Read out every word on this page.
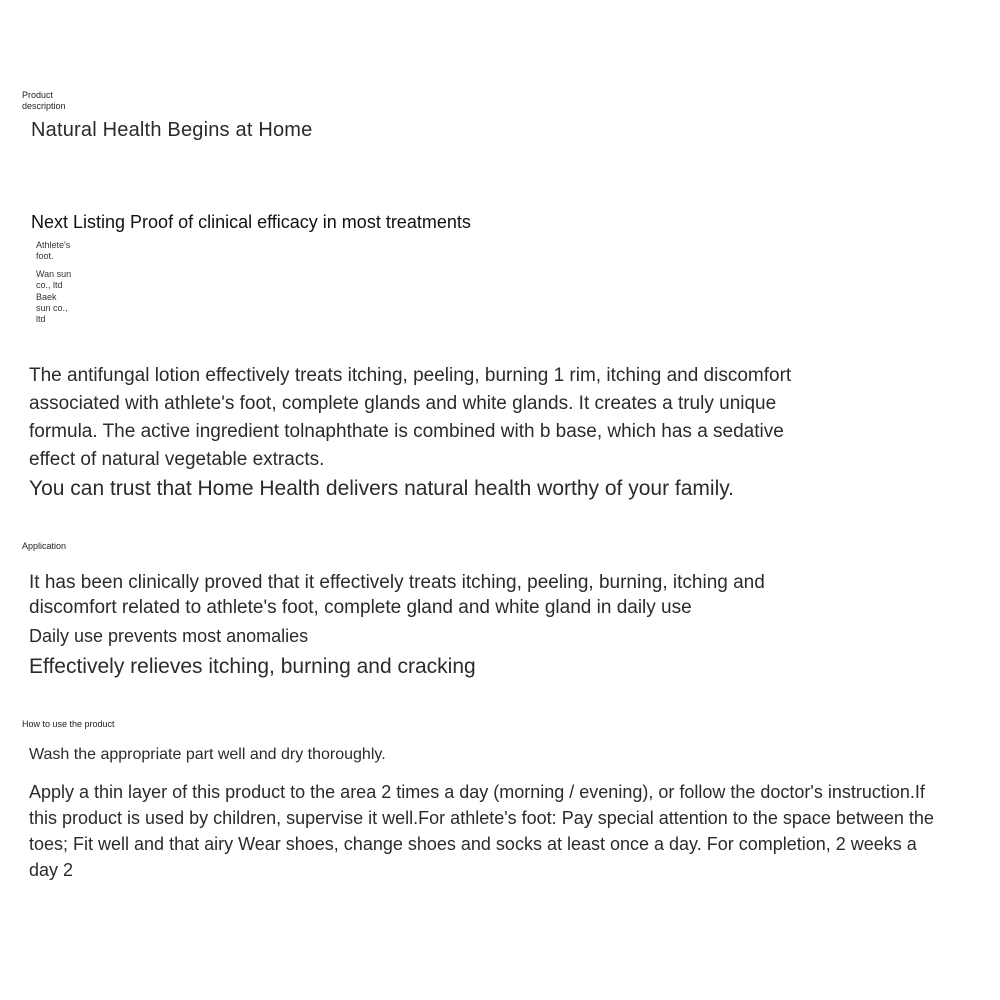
Product description
Natural Health Begins at Home
Next Listing Proof of clinical efficacy in most treatments
Athlete's foot.
Wan sun co., ltd
Baek sun co., ltd
The antifungal lotion effectively treats itching, peeling, burning 1 rim, itching and discomfort associated with athlete's foot, complete glands and white glands. It creates a truly unique formula. The active ingredient tolnaphthate is combined with b base, which has a sedative effect of natural vegetable extracts.
You can trust that Home Health delivers natural health worthy of your family.
Application
It has been clinically proved that it effectively treats itching, peeling, burning, itching and discomfort related to athlete's foot, complete gland and white gland in daily use
Daily use prevents most anomalies
Effectively relieves itching, burning and cracking
How to use the product
Wash the appropriate part well and dry thoroughly.
Apply a thin layer of this product to the area 2 times a day (morning / evening), or follow the doctor's instruction.If this product is used by children, supervise it well.For athlete's foot: Pay special attention to the space between the toes; Fit well and that airy Wear shoes, change shoes and socks at least once a day. For completion, 2 weeks a day 2
